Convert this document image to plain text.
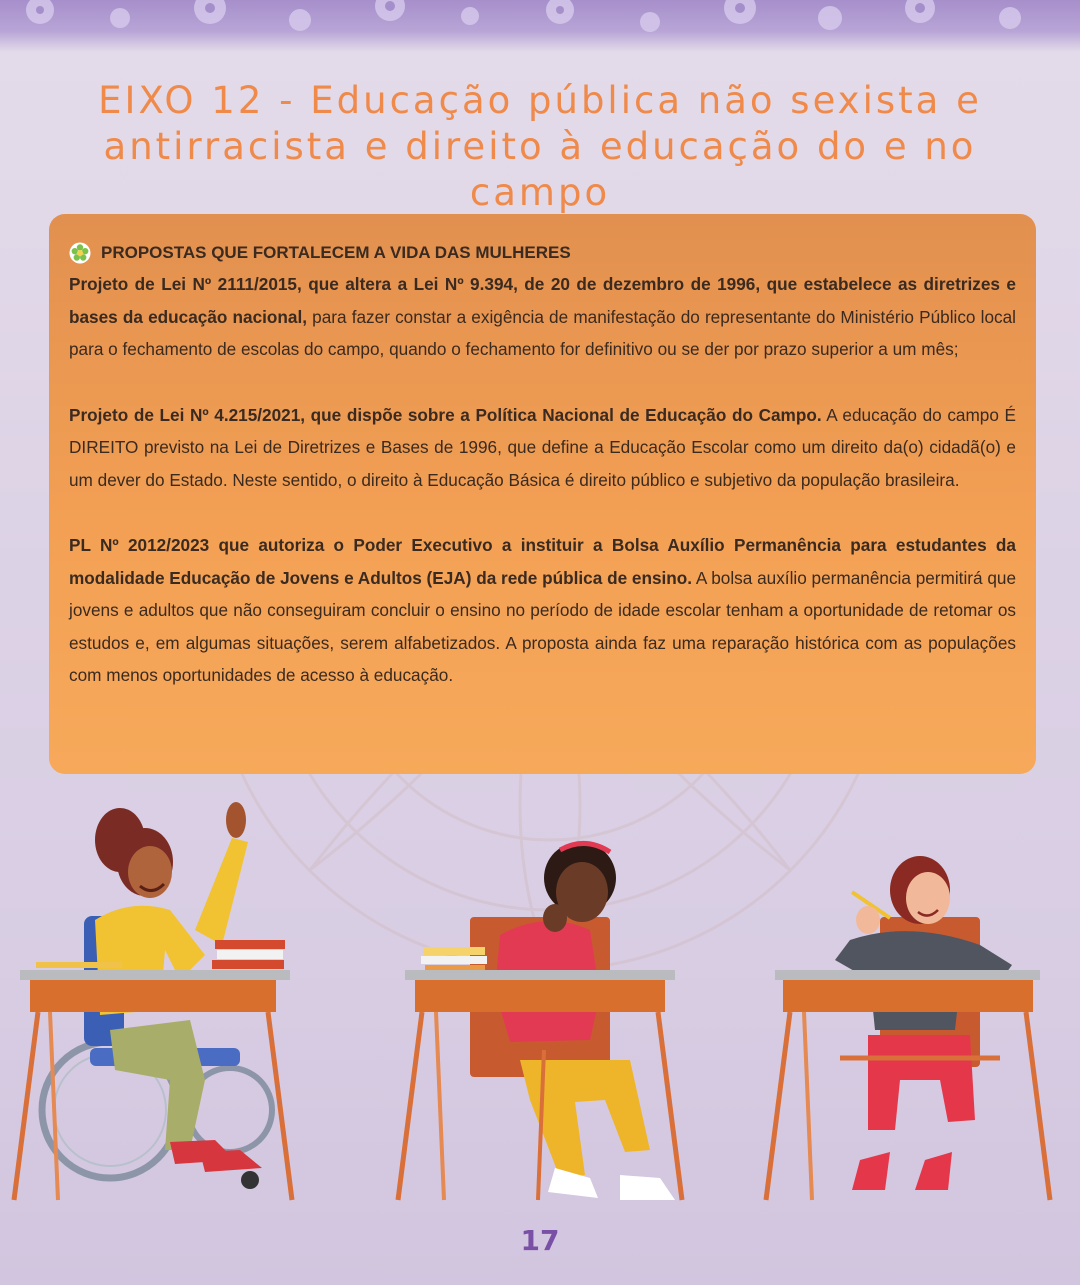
EIXO 12 - Educação pública não sexista e
antirracista e direito à educação do e no campo
PROPOSTAS QUE FORTALECEM A VIDA DAS MULHERES

Projeto de Lei Nº 2111/2015, que altera a Lei Nº 9.394, de 20 de dezembro de 1996, que estabelece as diretrizes e bases da educação nacional, para fazer constar a exigência de manifestação do representante do Ministério Público local para o fechamento de escolas do campo, quando o fechamento for definitivo ou se der por prazo superior a um mês;

Projeto de Lei Nº 4.215/2021, que dispõe sobre a Política Nacional de Educação do Campo. A educação do campo É DIREITO previsto na Lei de Diretrizes e Bases de 1996, que define a Educação Escolar como um direito da(o) cidadã(o) e um dever do Estado. Neste sentido, o direito à Educação Básica é direito público e subjetivo da população brasileira.

PL Nº 2012/2023 que autoriza o Poder Executivo a instituir a Bolsa Auxílio Permanência para estudantes da modalidade Educação de Jovens e Adultos (EJA) da rede pública de ensino. A bolsa auxílio permanência permitirá que jovens e adultos que não conseguiram concluir o ensino no período de idade escolar tenham a oportunidade de retomar os estudos e, em algumas situações, serem alfabetizados. A proposta ainda faz uma reparação histórica com as populações com menos oportunidades de acesso à educação.

17
